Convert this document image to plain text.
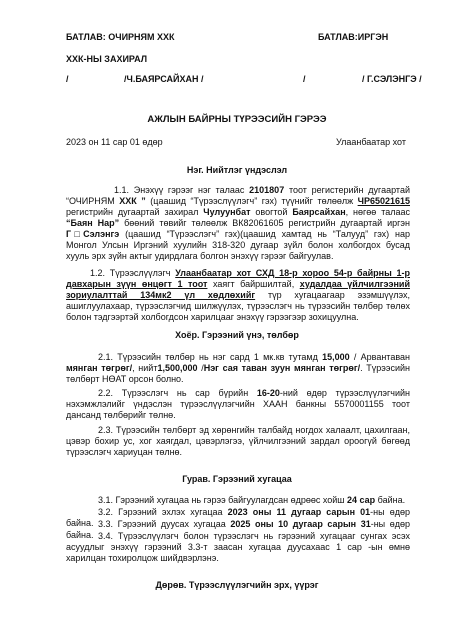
БАТЛАВ: ОЧИРНЯМ ХХК	БАТЛАВ:ИРГЭН
ХХК-НЫ ЗАХИРАЛ
/	/Ч.БАЯРСАЙХАН /	/	/ Г.СЭЛЭНГЭ /
АЖЛЫН БАЙРНЫ ТҮРЭЭСИЙН ГЭРЭЭ
2023 он 11 сар 01 өдөр	Улаанбаатар хот
Нэг. Нийтлэг үндэслэл

1.1. Энэхүү гэрээг нэг талаас 2101807 тоот регистерийн дугаартай “ОЧИРНЯМ ХХК ” (цаашид “Түрээслүүлэгч” гэх) түүнийг төлөөлж ЧР65021615 регистрийн дугаартай захирал Чулуунбат овогтой Баярсайхан, нөгөө талаас “Баян Нар” бөөний төвийг төлөөлж ВК82061605 регистрийн дугаартай иргэн Г□Сэлэнгэ (цаашид “Түрээслэгч” гэх)(цаашид хамтад нь “Талууд” гэх) нар Монгол Улсын Иргэний хуулийн 318-320 дугаар зүйл болон холбогдох бусад хууль эрх зүйн актыг удирдлага болгон энэхүү гэрээг байгуулав.

1.2. Түрээслүүлэгч Улаанбаатар хот СХД 18-р хороо 54-р байрны 1-р давхарын зүүн өнцөгт 1 тоот хаягт байршилтай, худалдаа үйлчилгээний зориулалттай 134мк2 үл хөдлөхийг түр хугацаагаар эзэмшүүлэх, ашиглуулахаар, түрээслэгчид шилжүүлэх, түрээслэгч нь түрээсийн төлбөр төлөх болон тэдгээртэй холбогдсон харилцааг энэхүү гэрээгээр зохицуулна.

Хоёр. Гэрээний үнэ, төлбөр

2.1. Түрээсийн төлбөр нь нэг сард 1 мк.кв тутамд 15,000 / Арвантаван мянган төгрөг/, нийт1,500,000 /Нэг сая таван зуун мянган төгрөг/. Түрээсийн төлбөрт НӨАТ орсон болно.

2.2. Түрээслэгч нь сар бүрийн 16-20-ний өдөр түрээслүүлэгчийн нэхэмжлэлийг үндэслэн түрээслүүлэгчийн ХААН банкны 5570001155 тоот дансанд төлбөрийг төлнө.

2.3. Түрээсийн төлбөрт эд хөрөнгийн талбайд ногдох халаалт, цахилгаан, цэвэр бохир ус, хог хаягдал, цэвэрлэгээ, үйлчилгээний зардал ороогүй бөгөөд түрээслэгч хариуцан төлнө.

Гурав. Гэрээний хугацаа

3.1. Гэрээний хугацаа нь гэрээ байгуулагдсан өдрөөс хойш 24 сар байна.

3.2. Гэрээний эхлэх хугацаа 2023 оны 11 дугаар сарын 01-ны өдөр байна. 3.3. Гэрээний дуусах хугацаа 2025 оны 10 дугаар сарын 31-ны өдөр байна. 3.4. Түрээслүүлэгч болон түрээслэгч нь гэрээний хугацааг сунгах эсэх асуудлыг энэхүү гэрээний 3.3-т заасан хугацаа дуусахаас 1 сар -ын өмнө харилцан тохиролцож шийдвэрлэнэ.

Дөрөв. Түрээслүүлэгчийн эрх, үүрэг
